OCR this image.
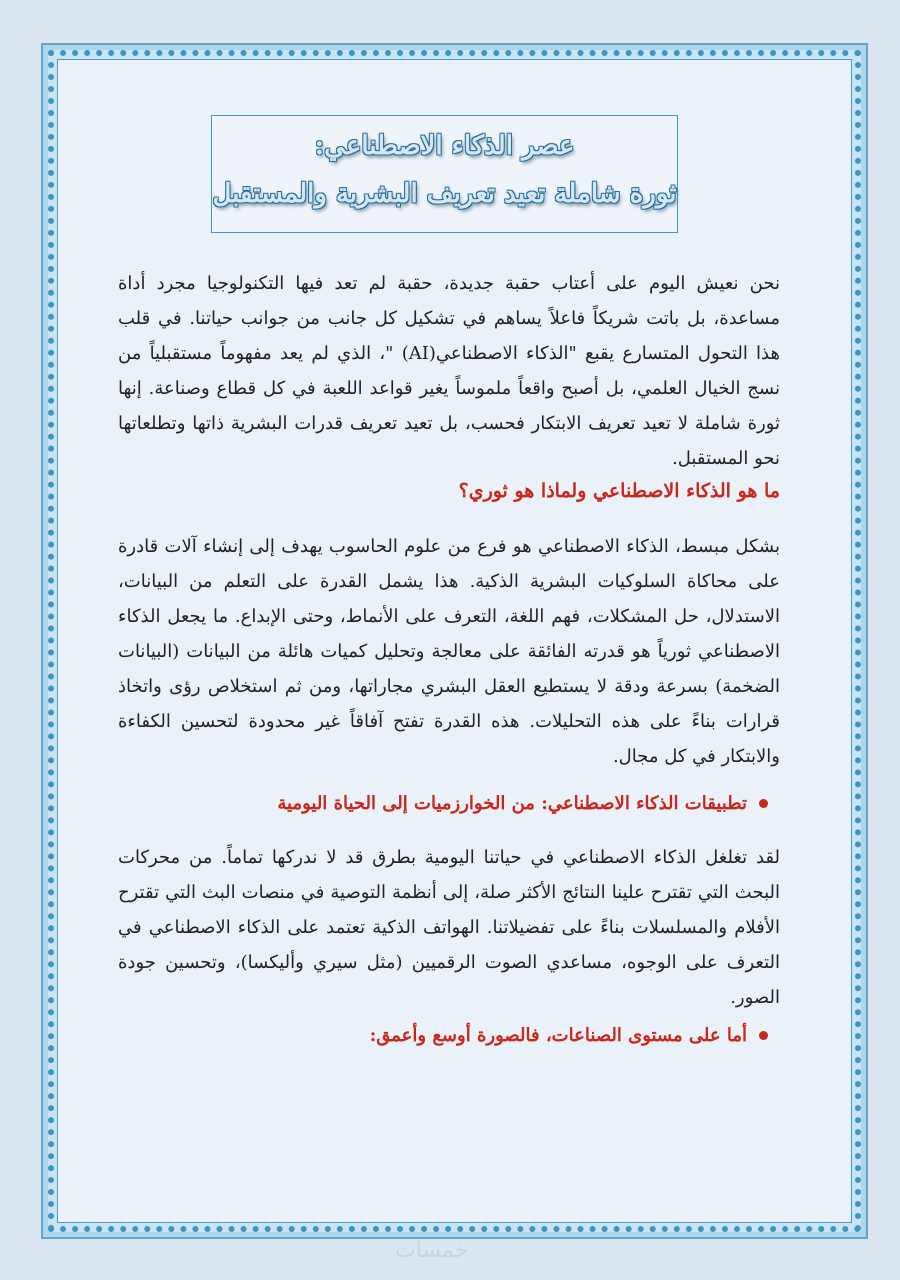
عصر الذكاء الاصطناعي:

ثورة شاملة تعيد تعريف البشرية والمستقبل

نحن نعيش اليوم على أعتاب حقبة جديدة، حقبة لم تعد فيها التكنولوجيا مجرد أداة مساعدة، بل باتت شريكاً فاعلاً يساهم في تشكيل كل جانب من جوانب حياتنا. في قلب هذا التحول المتسارع يقبع "الذكاء الاصطناعي(AI) "، الذي لم يعد مفهوماً مستقبلياً من نسج الخيال العلمي، بل أصبح واقعاً ملموساً يغير قواعد اللعبة في كل قطاع وصناعة. إنها ثورة شاملة لا تعيد تعريف الابتكار فحسب، بل تعيد تعريف قدرات البشرية ذاتها وتطلعاتها نحو المستقبل.

ما هو الذكاء الاصطناعي ولماذا هو ثوري؟

بشكل مبسط، الذكاء الاصطناعي هو فرع من علوم الحاسوب يهدف إلى إنشاء آلات قادرة على محاكاة السلوكيات البشرية الذكية. هذا يشمل القدرة على التعلم من البيانات، الاستدلال، حل المشكلات، فهم اللغة، التعرف على الأنماط، وحتى الإبداع. ما يجعل الذكاء الاصطناعي ثورياً هو قدرته الفائقة على معالجة وتحليل كميات هائلة من البيانات (البيانات الضخمة) بسرعة ودقة لا يستطيع العقل البشري مجاراتها، ومن ثم استخلاص رؤى واتخاذ قرارات بناءً على هذه التحليلات. هذه القدرة تفتح آفاقاً غير محدودة لتحسين الكفاءة والابتكار في كل مجال.

تطبيقات الذكاء الاصطناعي: من الخوارزميات إلى الحياة اليومية

لقد تغلغل الذكاء الاصطناعي في حياتنا اليومية بطرق قد لا ندركها تماماً. من محركات البحث التي تقترح علينا النتائج الأكثر صلة، إلى أنظمة التوصية في منصات البث التي تقترح الأفلام والمسلسلات بناءً على تفضيلاتنا. الهواتف الذكية تعتمد على الذكاء الاصطناعي في التعرف على الوجوه، مساعدي الصوت الرقميين (مثل سيري وأليكسا)، وتحسين جودة الصور.

أما على مستوى الصناعات، فالصورة أوسع وأعمق:
خمسات
